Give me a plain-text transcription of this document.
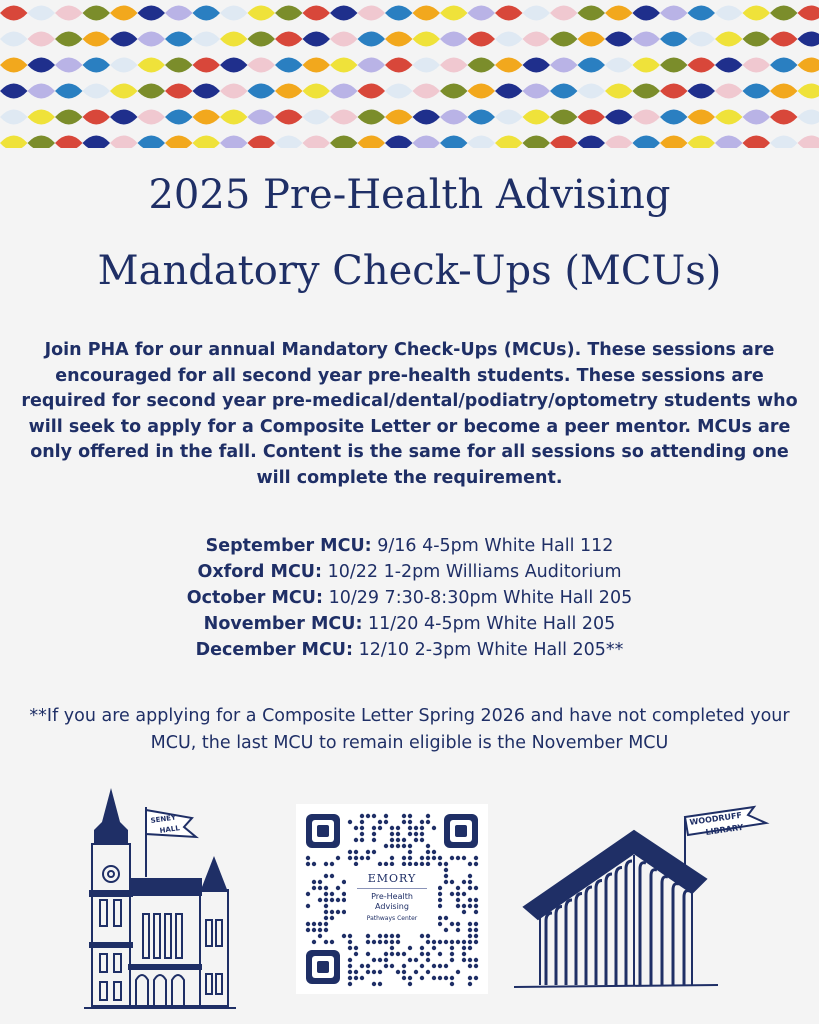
2025 Pre-Health Advising
Mandatory Check-Ups (MCUs)
Join PHA for our annual Mandatory Check-Ups (MCUs). These sessions are encouraged for all second year pre-health students. These sessions are required for second year pre-medical/dental/podiatry/optometry students who will seek to apply for a Composite Letter or become a peer mentor. MCUs are only offered in the fall. Content is the same for all sessions so attending one will complete the requirement.
September MCU: 9/16 4-5pm White Hall 112
Oxford MCU: 10/22 1-2pm Williams Auditorium
October MCU: 10/29 7:30-8:30pm White Hall 205
November MCU: 11/20 4-5pm White Hall 205
December MCU: 12/10 2-3pm White Hall 205**
**If you are applying for a Composite Letter Spring 2026 and have not completed your MCU, the last MCU to remain eligible is the November MCU
SENEY
HALL
EMORY
Pre-Health
Advising
Pathways Center
WOODRUFF
LIBRARY
